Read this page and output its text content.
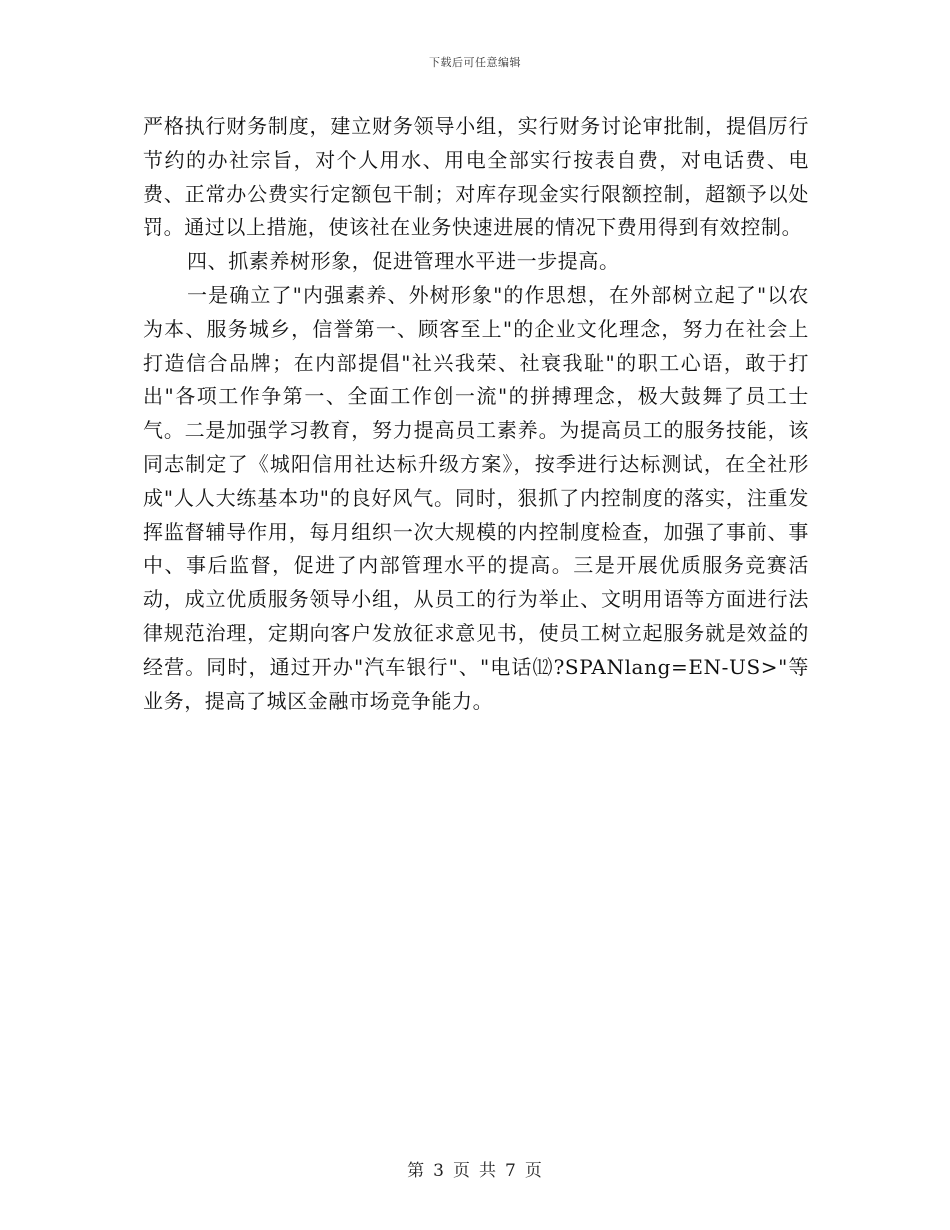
下载后可任意编辑

严格执行财务制度，建立财务领导小组，实行财务讨论审批制，提倡厉行节约的办社宗旨，对个人用水、用电全部实行按表自费，对电话费、电费、正常办公费实行定额包干制；对库存现金实行限额控制，超额予以处罚。通过以上措施，使该社在业务快速进展的情况下费用得到有效控制。

四、抓素养树形象，促进管理水平进一步提高。

一是确立了"内强素养、外树形象"的作思想，在外部树立起了"以农为本、服务城乡，信誉第一、顾客至上"的企业文化理念，努力在社会上打造信合品牌；在内部提倡"社兴我荣、社衰我耻"的职工心语，敢于打出"各项工作争第一、全面工作创一流"的拼搏理念，极大鼓舞了员工士气。二是加强学习教育，努力提高员工素养。为提高员工的服务技能，该同志制定了《城阳信用社达标升级方案》，按季进行达标测试，在全社形成"人人大练基本功"的良好风气。同时，狠抓了内控制度的落实，注重发挥监督辅导作用，每月组织一次大规模的内控制度检查，加强了事前、事中、事后监督，促进了内部管理水平的提高。三是开展优质服务竞赛活动，成立优质服务领导小组，从员工的行为举止、文明用语等方面进行法律规范治理，定期向客户发放征求意见书，使员工树立起服务就是效益的经营。同时，通过开办"汽车银行"、"电话⑿?SPANlang=EN-US>"等业务，提高了城区金融市场竞争能力。

第 3 页 共 7 页
